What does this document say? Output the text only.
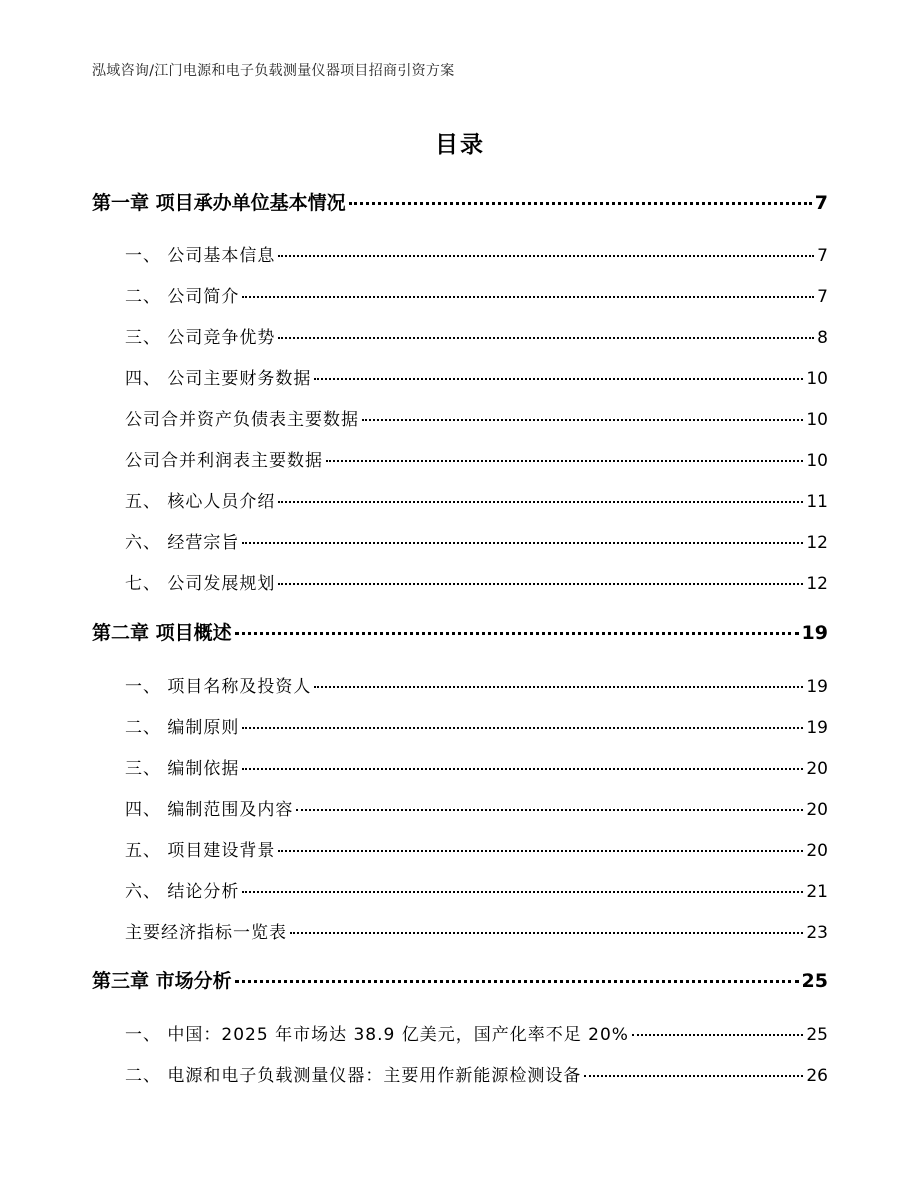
泓域咨询/江门电源和电子负载测量仪器项目招商引资方案
目录
第一章 项目承办单位基本情况	7
一、 公司基本信息	7
二、 公司简介	7
三、 公司竞争优势	8
四、 公司主要财务数据	10
公司合并资产负债表主要数据	10
公司合并利润表主要数据	10
五、 核心人员介绍	11
六、 经营宗旨	12
七、 公司发展规划	12
第二章 项目概述	19
一、 项目名称及投资人	19
二、 编制原则	19
三、 编制依据	20
四、 编制范围及内容	20
五、 项目建设背景	20
六、 结论分析	21
主要经济指标一览表	23
第三章 市场分析	25
一、 中国：2025 年市场达 38.9 亿美元，国产化率不足 20%	25
二、 电源和电子负载测量仪器：主要用作新能源检测设备	26
